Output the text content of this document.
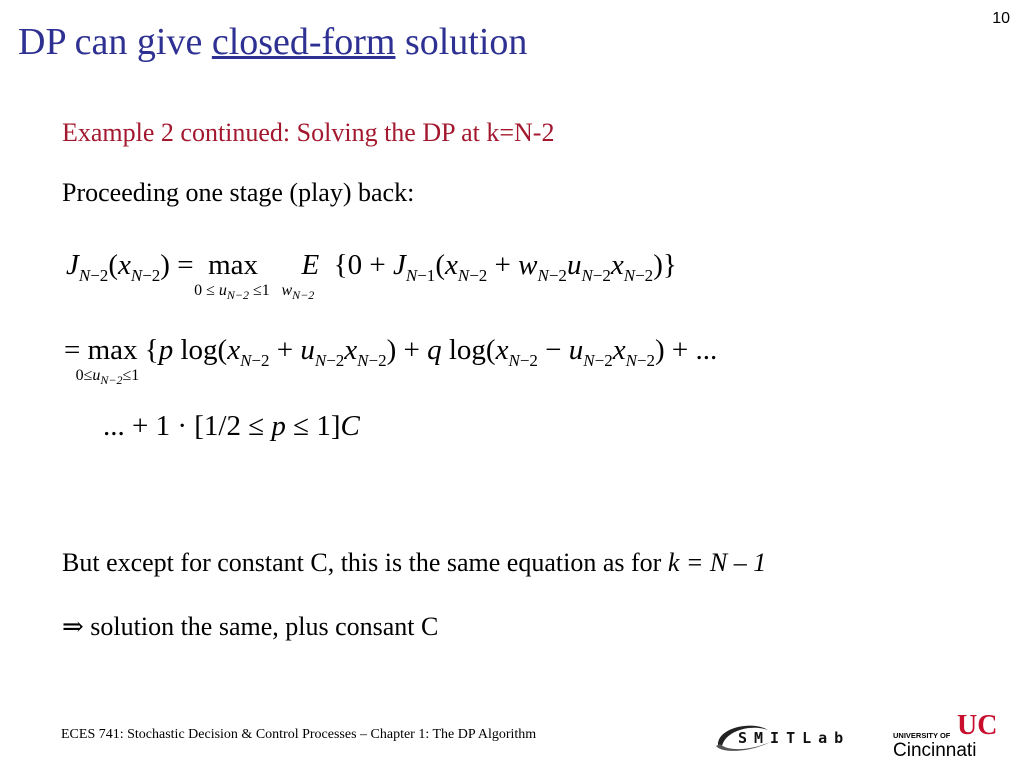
10
DP can give closed-form solution
Example 2 continued: Solving the DP at k=N-2
Proceeding one stage (play) back:
$J_{N-2}(x_{N-2}) = \max$
$0 \le u_{N-2} \le 1$
E
$w_{N-2}$
$\{0 + J_{N-1}(x_{N-2} + w_{N-2}u_{N-2}x_{N-2})\}$
= max
$0\le u_{N-2}\le 1$
{p $\log(x_{N-2} + u_{N-2}x_{N-2}) + q$ $\log(x_{N-2} - u_{N-2}x_{N-2})$ + ...
... + 1 · [1/2 ≤ p ≤ 1]C
But except for constant C, this is the same equation as for k = N – 1
⇒ solution the same, plus consant C
ECES 741: Stochastic Decision & Control Processes – Chapter 1: The DP Algorithm	SMITLab	UC
UNIVERSITY OF
Cincinnati
